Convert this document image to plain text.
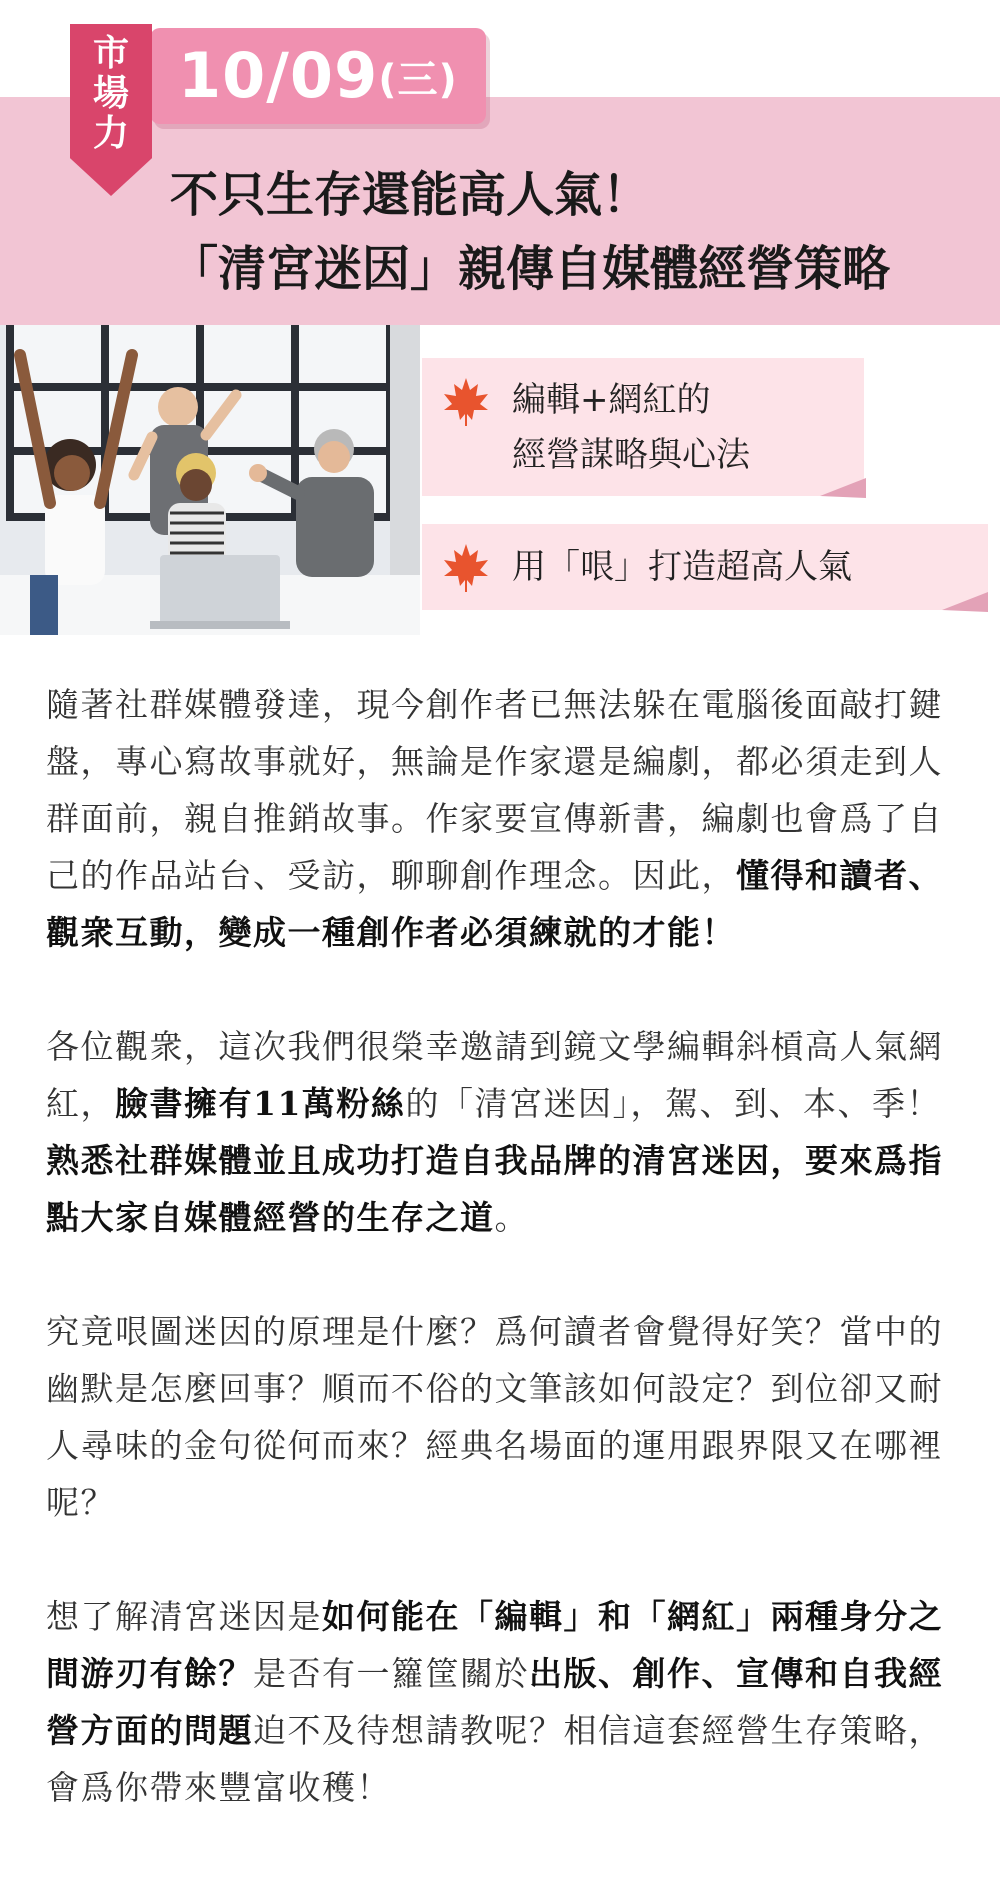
10/09(三)
市
場
力
不只生存還能高人氣！
「清宮迷因」親傳自媒體經營策略
編輯+網紅的
經營謀略與心法
用「哏」打造超高人氣

隨著社群媒體發達，現今創作者已無法躲在電腦後面敲打鍵盤，專心寫故事就好，無論是作家還是編劇，都必須走到人群面前，親自推銷故事。作家要宣傳新書，編劇也會爲了自己的作品站台、受訪，聊聊創作理念。因此，懂得和讀者、觀衆互動，變成一種創作者必須練就的才能！

各位觀衆，這次我們很榮幸邀請到鏡文學編輯斜槓高人氣網紅，臉書擁有11萬粉絲的「清宮迷因」，駕、到、本、季！熟悉社群媒體並且成功打造自我品牌的清宮迷因，要來爲指點大家自媒體經營的生存之道。

究竟哏圖迷因的原理是什麼？爲何讀者會覺得好笑？當中的幽默是怎麼回事？順而不俗的文筆該如何設定？到位卻又耐人尋味的金句從何而來？經典名場面的運用跟界限又在哪裡呢？

想了解清宮迷因是如何能在「編輯」和「網紅」兩種身分之間游刃有餘？是否有一籮筐關於出版、創作、宣傳和自我經營方面的問題迫不及待想請教呢？相信這套經營生存策略，會爲你帶來豐富收穫！
